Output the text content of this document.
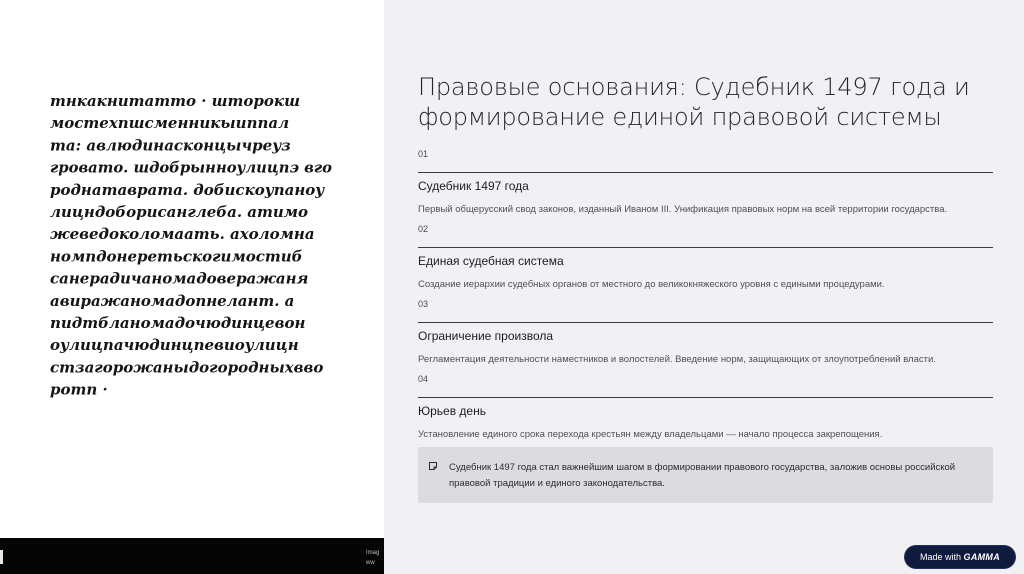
тнкакнитатто · шторокш
мостехпшсменникыиппал
та: авлюдинасконцычреуз
гровато. шдобрынноулицпэ вго
роднатаврата. добискоупаноу
лицндоборисанглеба. атимо
жеведоколомаать. ахоломна
номпдонеретьскогимостиб
санерадичаномадоверажаня
авиражаномадопнелант. а
пидтбланомадочюдинцевон
оулицпачюдинцпевиоулицн
стзагорожаныдогородныхвво
ротп ·
Imag
ww
Правовые основания: Судебник 1497 года и формирование единой правовой системы
01
Судебник 1497 года
Первый общерусский свод законов, изданный Иваном III. Унификация правовых норм на всей территории государства.
02
Единая судебная система
Создание иерархии судебных органов от местного до великокняжеского уровня с едиными процедурами.
03
Ограничение произвола
Регламентация деятельности наместников и волостелей. Введение норм, защищающих от злоупотреблений власти.
04
Юрьев день
Установление единого срока перехода крестьян между владельцами — начало процесса закрепощения.
Судебник 1497 года стал важнейшим шагом в формировании правового государства, заложив основы российской правовой традиции и единого законодательства.
Made with GAMMA
